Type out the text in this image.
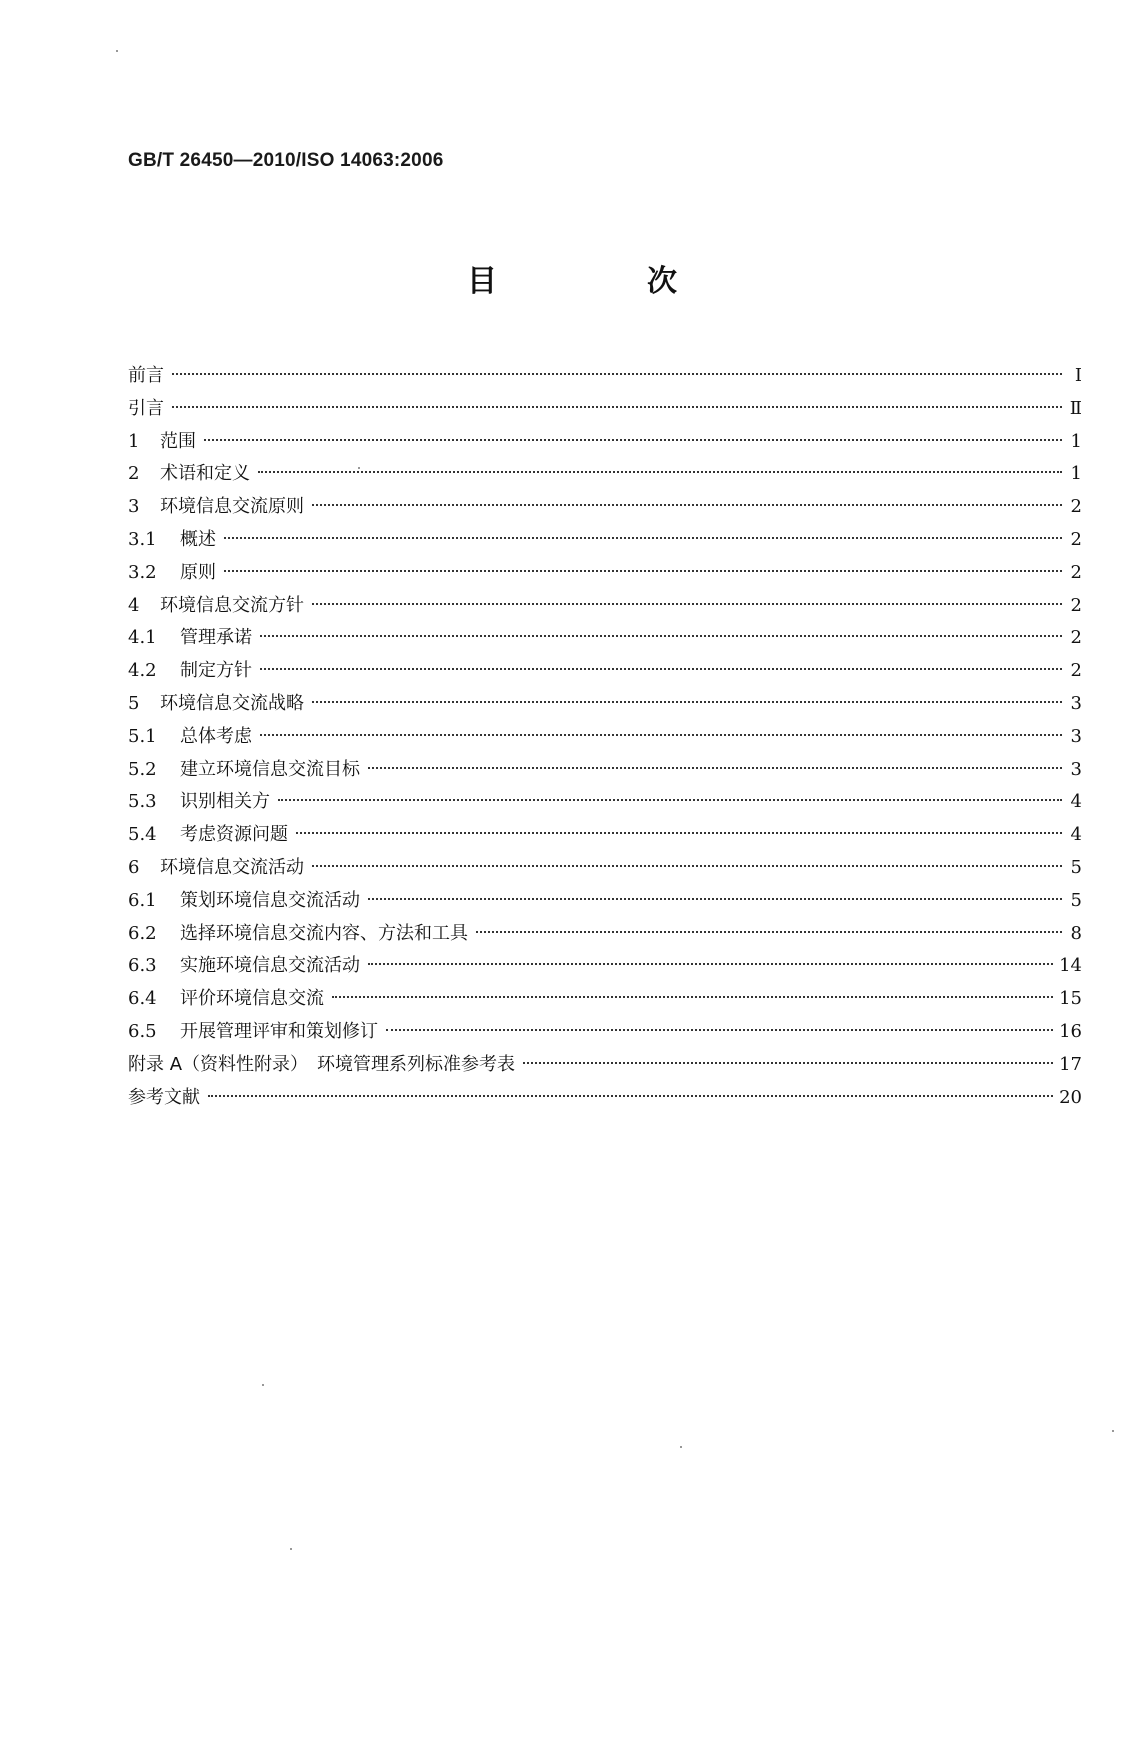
GB/T 26450—2010/ISO 14063:2006
目　次
前言	Ⅰ
引言	Ⅱ
1	范围	1
2	术语和定义	1
3	环境信息交流原则	2
3.1	概述	2
3.2	原则	2
4	环境信息交流方针	2
4.1	管理承诺	2
4.2	制定方针	2
5	环境信息交流战略	3
5.1	总体考虑	3
5.2	建立环境信息交流目标	3
5.3	识别相关方	4
5.4	考虑资源问题	4
6	环境信息交流活动	5
6.1	策划环境信息交流活动	5
6.2	选择环境信息交流内容、方法和工具	8
6.3	实施环境信息交流活动	14
6.4	评价环境信息交流	15
6.5	开展管理评审和策划修订	16
附录 A（资料性附录）　环境管理系列标准参考表	17
参考文献	20
